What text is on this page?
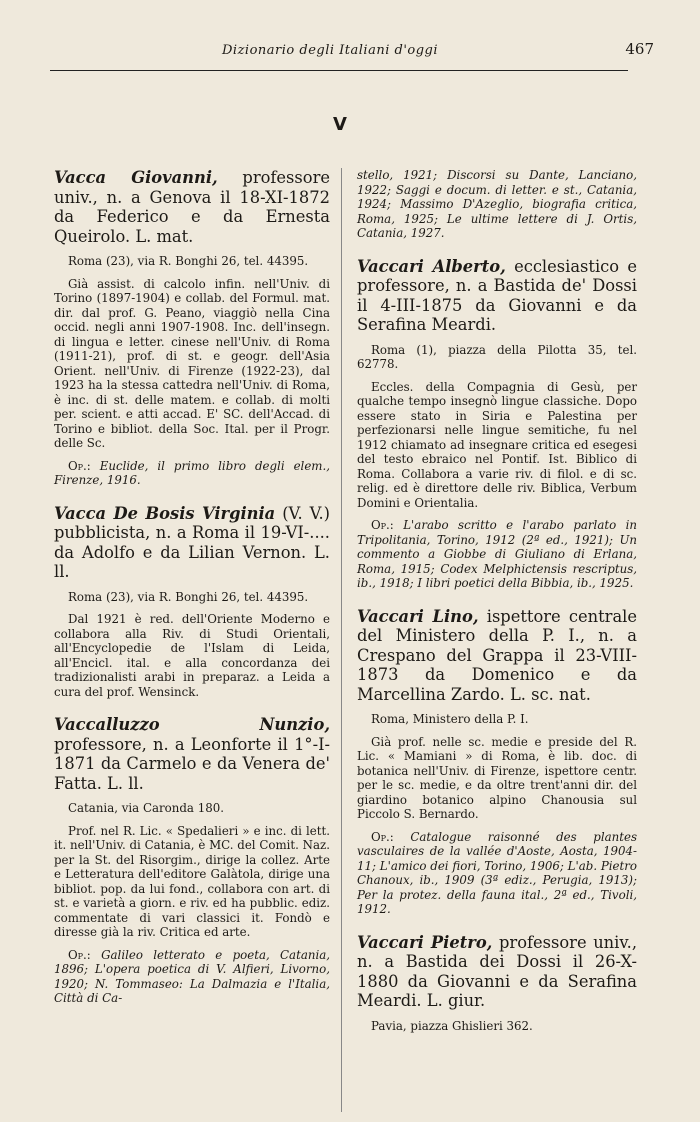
Dizionario degli Italiani d'oggi	467
V

Vacca Giovanni, professore univ., n. a Genova il 18-XI-1872 da Federico e da Ernesta Queirolo. L. mat.

Roma (23), via R. Bonghi 26, tel. 44395.

Già assist. di calcolo infin. nell'Univ. di Torino (1897-1904) e collab. del Formul. mat. dir. dal prof. G. Peano, viaggiò nella Cina occid. negli anni 1907-1908. Inc. dell'insegn. di lingua e letter. cinese nell'Univ. di Roma (1911-21), prof. di st. e geogr. dell'Asia Orient. nell'Univ. di Firenze (1922-23), dal 1923 ha la stessa cattedra nell'Univ. di Roma, è inc. di st. delle matem. e collab. di molti per. scient. e atti accad. E' SC. dell'Accad. di Torino e bibliot. della Soc. Ital. per il Progr. delle Sc.

Op.: Euclide, il primo libro degli elem., Firenze, 1916.

Vacca De Bosis Virginia (V. V.) pubblicista, n. a Roma il 19-VI-.... da Adolfo e da Lilian Vernon. L. ll.

Roma (23), via R. Bonghi 26, tel. 44395.

Dal 1921 è red. dell'Oriente Moderno e collabora alla Riv. di Studi Orientali, all'Encyclopedie de l'Islam di Leida, all'Encicl. ital. e alla concordanza dei tradizionalisti arabi in preparaz. a Leida a cura del prof. Wensinck.

Vaccalluzzo Nunzio, professore, n. a Leonforte il 1°-I-1871 da Carmelo e da Venera de' Fatta. L. ll.

Catania, via Caronda 180.

Prof. nel R. Lic. « Spedalieri » e inc. di lett. it. nell'Univ. di Catania, è MC. del Comit. Naz. per la St. del Risorgim., dirige la collez. Arte e Letteratura dell'editore Galàtola, dirige una bibliot. pop. da lui fond., collabora con art. di st. e varietà a giorn. e riv. ed ha pubblic. ediz. commentate di vari classici it. Fondò e diresse già la riv. Critica ed arte.

Op.: Galileo letterato e poeta, Catania, 1896; L'opera poetica di V. Alfieri, Livorno, 1920; N. Tommaseo: La Dalmazia e l'Italia, Città di Ca-

stello, 1921; Discorsi su Dante, Lanciano, 1922; Saggi e docum. di letter. e st., Catania, 1924; Massimo D'Azeglio, biografia critica, Roma, 1925; Le ultime lettere di J. Ortis, Catania, 1927.

Vaccari Alberto, ecclesiastico e professore, n. a Bastida de' Dossi il 4-III-1875 da Giovanni e da Serafina Meardi.

Roma (1), piazza della Pilotta 35, tel. 62778.

Eccles. della Compagnia di Gesù, per qualche tempo insegnò lingue classiche. Dopo essere stato in Siria e Palestina per perfezionarsi nelle lingue semitiche, fu nel 1912 chiamato ad insegnare critica ed esegesi del testo ebraico nel Pontif. Ist. Biblico di Roma. Collabora a varie riv. di filol. e di sc. relig. ed è direttore delle riv. Biblica, Verbum Domini e Orientalia.

Op.: L'arabo scritto e l'arabo parlato in Tripolitania, Torino, 1912 (2ª ed., 1921); Un commento a Giobbe di Giuliano di Erlana, Roma, 1915; Codex Melphictensis rescriptus, ib., 1918; I libri poetici della Bibbia, ib., 1925.

Vaccari Lino, ispettore centrale del Ministero della P. I., n. a Crespano del Grappa il 23-VIII-1873 da Domenico e da Marcellina Zardo. L. sc. nat.

Roma, Ministero della P. I.

Già prof. nelle sc. medie e preside del R. Lic. « Mamiani » di Roma, è lib. doc. di botanica nell'Univ. di Firenze, ispettore centr. per le sc. medie, e da oltre trent'anni dir. del giardino botanico alpino Chanousia sul Piccolo S. Bernardo.

Op.: Catalogue raisonné des plantes vasculaires de la vallée d'Aoste, Aosta, 1904-11; L'amico dei fiori, Torino, 1906; L'ab. Pietro Chanoux, ib., 1909 (3ª ediz., Perugia, 1913); Per la protez. della fauna ital., 2ª ed., Tivoli, 1912.

Vaccari Pietro, professore univ., n. a Bastida dei Dossi il 26-X-1880 da Giovanni e da Serafina Meardi. L. giur.

Pavia, piazza Ghislieri 362.
